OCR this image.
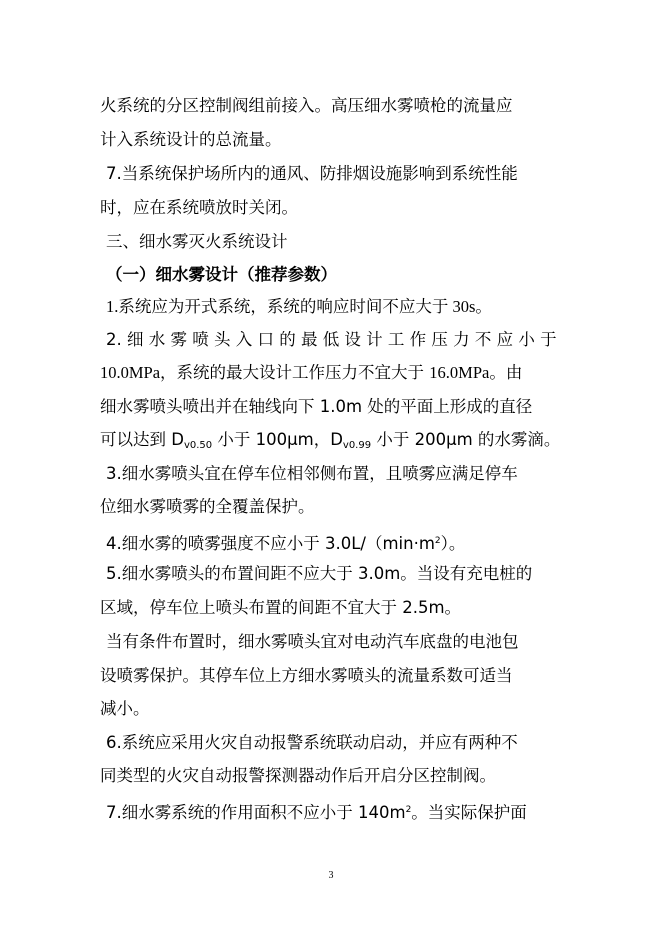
火系统的分区控制阀组前接入。高压细水雾喷枪的流量应
计入系统设计的总流量。
7.当系统保护场所内的通风、防排烟设施影响到系统性能
时，应在系统喷放时关闭。
三、细水雾灭火系统设计
（一）细水雾设计（推荐参数）
1.系统应为开式系统，系统的响应时间不应大于 30s。
2. 细 水 雾 喷 头 入 口 的 最 低 设 计 工 作 压 力 不 应 小 于
10.0MPa，系统的最大设计工作压力不宜大于 16.0MPa。由
细水雾喷头喷出并在轴线向下 1.0m 处的平面上形成的直径
可以达到 $D_{v0.50}$ 小于 100μm，$D_{v0.99}$ 小于 200μm 的水雾滴。
3.细水雾喷头宜在停车位相邻侧布置，且喷雾应满足停车
位细水雾喷雾的全覆盖保护。
4.细水雾的喷雾强度不应小于 $3.0L/(\min\cdot m^2)$。
5.细水雾喷头的布置间距不应大于 3.0m。当设有充电桩的
区域，停车位上喷头布置的间距不宜大于 2.5m。
当有条件布置时，细水雾喷头宜对电动汽车底盘的电池包
设喷雾保护。其停车位上方细水雾喷头的流量系数可适当
减小。
6.系统应采用火灾自动报警系统联动启动，并应有两种不
同类型的火灾自动报警探测器动作后开启分区控制阀。
7.细水雾系统的作用面积不应小于 $140m^2$。当实际保护面
3
